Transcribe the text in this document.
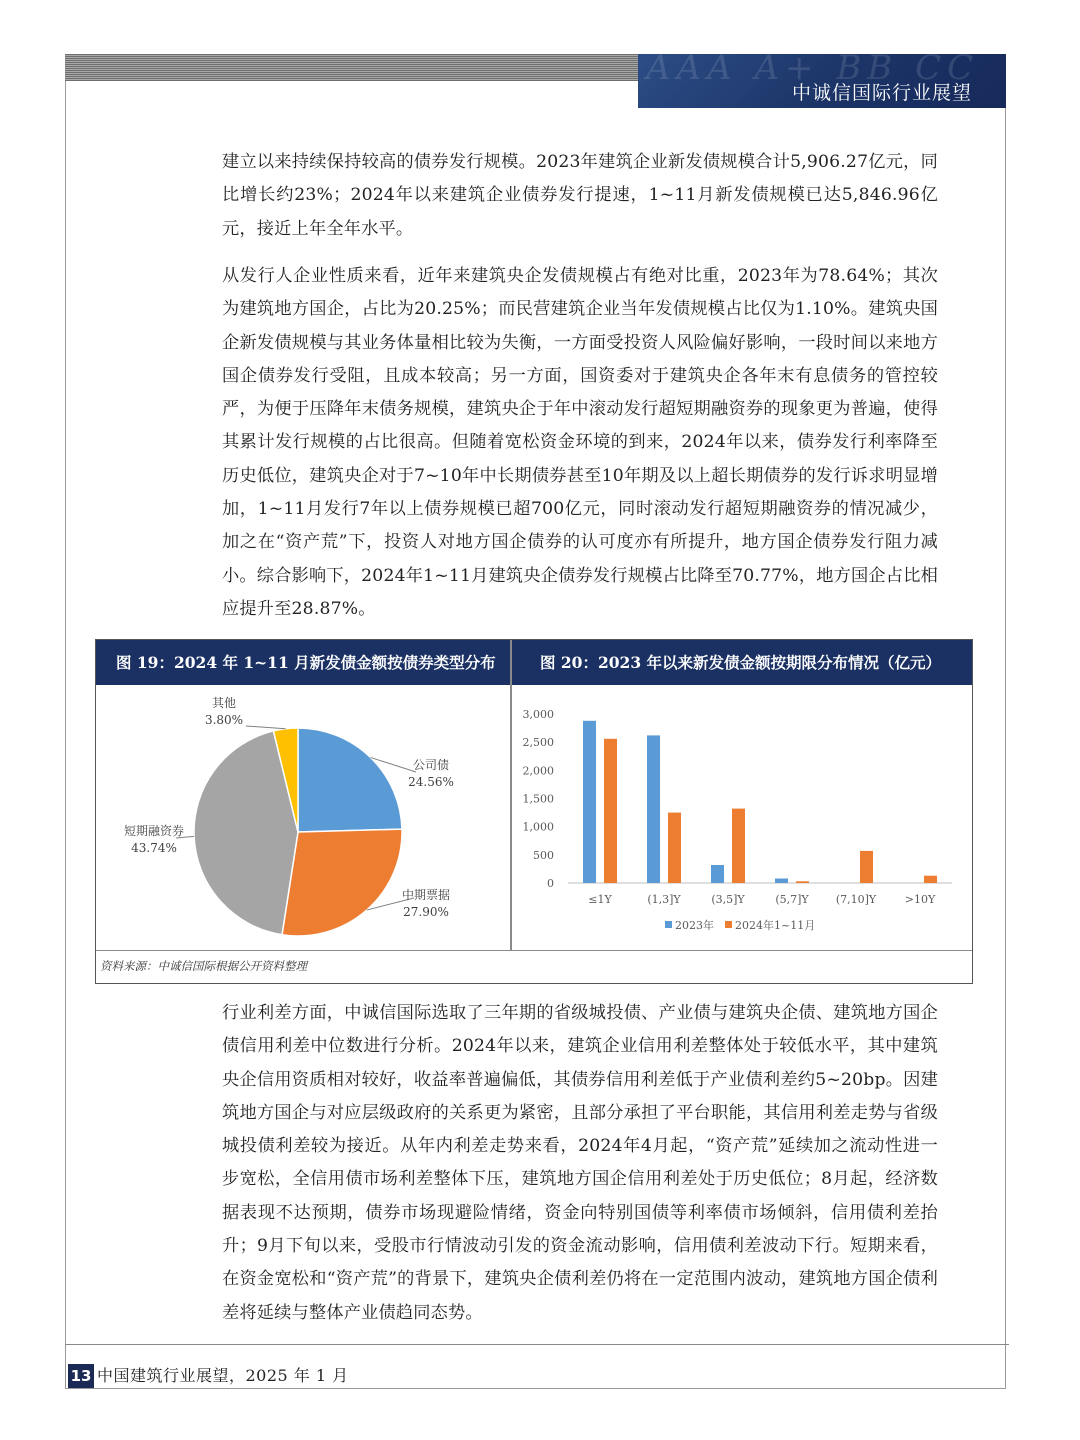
AAA A+ BB CC
中诚信国际行业展望

建立以来持续保持较高的债券发行规模。2023年建筑企业新发债规模合计5,906.27亿元，同比增长约23%；2024年以来建筑企业债券发行提速，1~11月新发债规模已达5,846.96亿元，接近上年全年水平。

从发行人企业性质来看，近年来建筑央企发债规模占有绝对比重，2023年为78.64%；其次为建筑地方国企，占比为20.25%；而民营建筑企业当年发债规模占比仅为1.10%。建筑央国企新发债规模与其业务体量相比较为失衡，一方面受投资人风险偏好影响，一段时间以来地方国企债券发行受阻，且成本较高；另一方面，国资委对于建筑央企各年末有息债务的管控较严，为便于压降年末债务规模，建筑央企于年中滚动发行超短期融资券的现象更为普遍，使得其累计发行规模的占比很高。但随着宽松资金环境的到来，2024年以来，债券发行利率降至历史低位，建筑央企对于7~10年中长期债券甚至10年期及以上超长期债券的发行诉求明显增加，1~11月发行7年以上债券规模已超700亿元，同时滚动发行超短期融资券的情况减少，加之在“资产荒”下，投资人对地方国企债券的认可度亦有所提升，地方国企债券发行阻力减小。综合影响下，2024年1~11月建筑央企债券发行规模占比降至70.77%，地方国企占比相应提升至28.87%。

图 19：2024 年 1~11 月新发债金额按债券类型分布	图 20：2023 年以来新发债金额按期限分布情况（亿元）
公司债
24.56%
中期票据
27.90%
短期融资券
43.74%
其他
3.80%
0
500
1,000
1,500
2,000
2,500
3,000
≤1Y	(1,3]Y	(3,5]Y	(5,7]Y (7,10]Y	>10Y
2023年 2024年1~11月
资料来源：中诚信国际根据公开资料整理

行业利差方面，中诚信国际选取了三年期的省级城投债、产业债与建筑央企债、建筑地方国企债信用利差中位数进行分析。2024年以来，建筑企业信用利差整体处于较低水平，其中建筑央企信用资质相对较好，收益率普遍偏低，其债券信用利差低于产业债利差约5~20bp。因建筑地方国企与对应层级政府的关系更为紧密，且部分承担了平台职能，其信用利差走势与省级城投债利差较为接近。从年内利差走势来看，2024年4月起，“资产荒”延续加之流动性进一步宽松，全信用债市场利差整体下压，建筑地方国企信用利差处于历史低位；8月起，经济数据表现不达预期，债券市场现避险情绪，资金向特别国债等利率债市场倾斜，信用债利差抬升；9月下旬以来，受股市行情波动引发的资金流动影响，信用债利差波动下行。短期来看，在资金宽松和“资产荒”的背景下，建筑央企债利差仍将在一定范围内波动，建筑地方国企债利差将延续与整体产业债趋同态势。

13 中国建筑行业展望，2025 年 1 月
